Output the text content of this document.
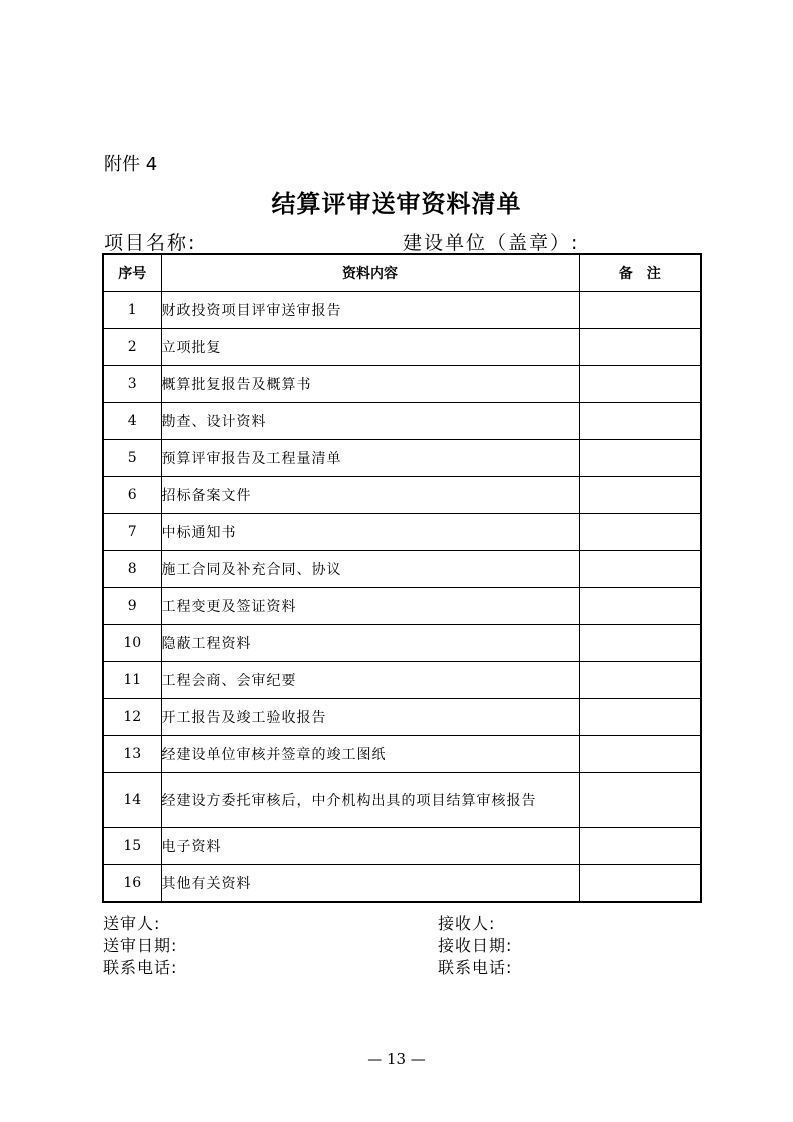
附件 4
结算评审送审资料清单
项目名称:	建设单位（盖章）:
序号	资料内容	备　注
1	财政投资项目评审送审报告	
2	立项批复	
3	概算批复报告及概算书	
4	勘查、设计资料	
5	预算评审报告及工程量清单	
6	招标备案文件	
7	中标通知书	
8	施工合同及补充合同、协议	
9	工程变更及签证资料	
10	隐蔽工程资料	
11	工程会商、会审纪要	
12	开工报告及竣工验收报告	
13	经建设单位审核并签章的竣工图纸	
14	经建设方委托审核后，中介机构出具的项目结算审核报告	
15	电子资料	
16	其他有关资料	
送审人:
送审日期:
联系电话:
接收人:
接收日期:
联系电话:
— 13 —
